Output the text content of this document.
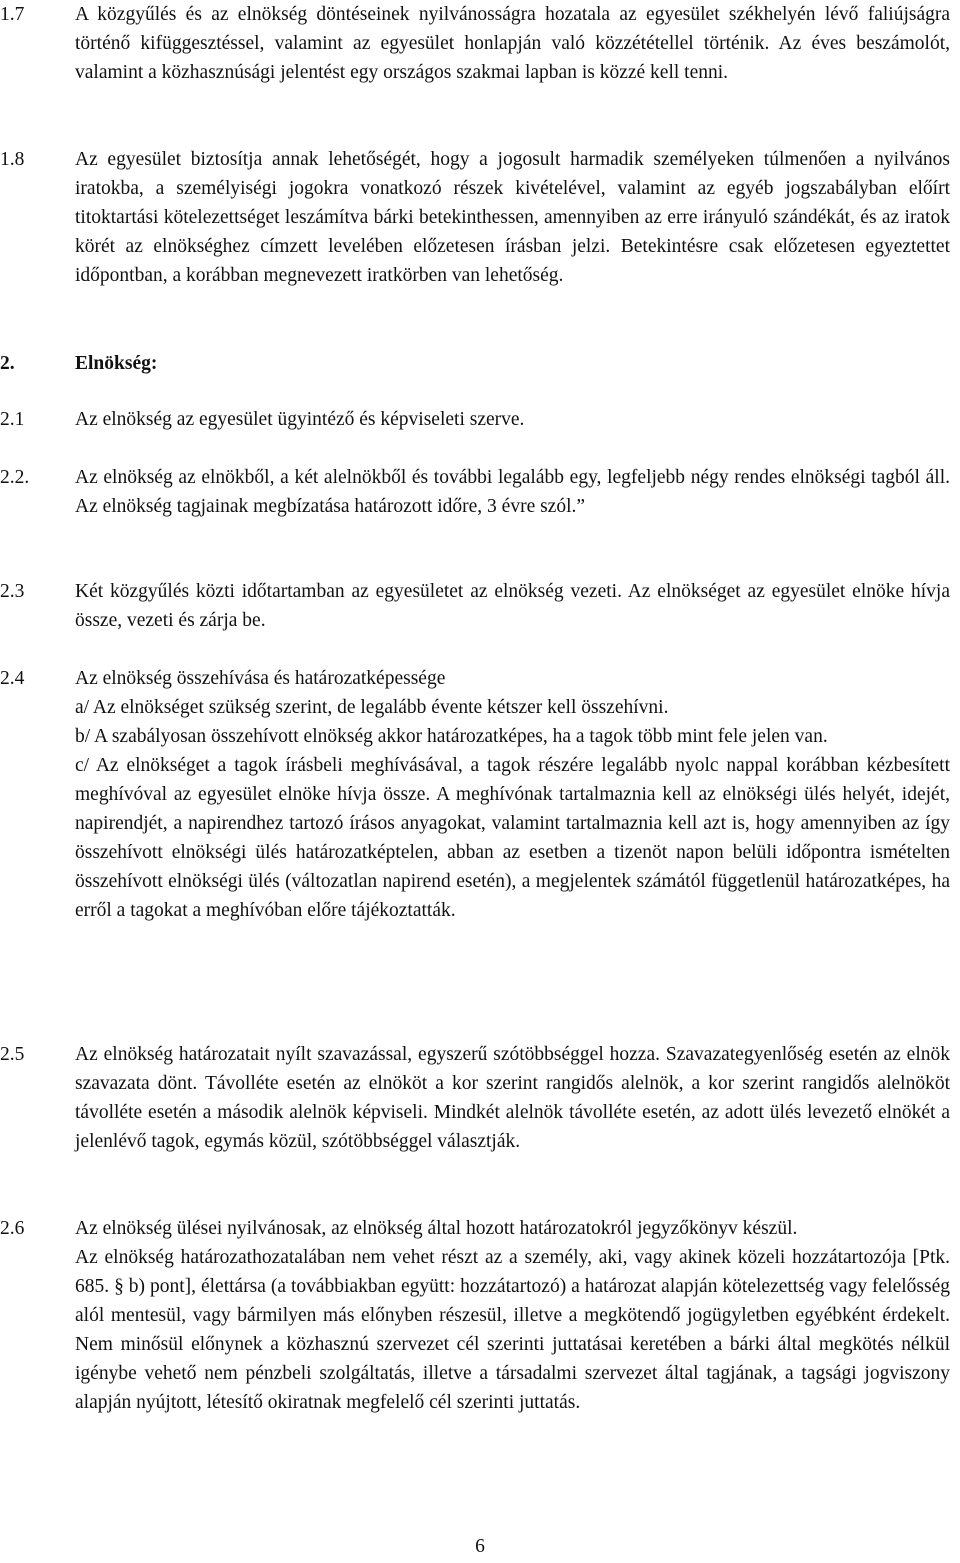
1.7	A közgyűlés és az elnökség döntéseinek nyilvánosságra hozatala az egyesület székhelyén lévő faliújságra történő kifüggesztéssel, valamint az egyesület honlapján való közzététellel történik. Az éves beszámolót, valamint a közhasznúsági jelentést egy országos szakmai lapban is közzé kell tenni.

1.8	Az egyesület biztosítja annak lehetőségét, hogy a jogosult harmadik személyeken túlmenően a nyilvános iratokba, a személyiségi jogokra vonatkozó részek kivételével, valamint az egyéb jogszabályban előírt titoktartási kötelezettséget leszámítva bárki betekinthessen, amennyiben az erre irányuló szándékát, és az iratok körét az elnökséghez címzett levelében előzetesen írásban jelzi. Betekintésre csak előzetesen egyeztettet időpontban, a korábban megnevezett iratkörben van lehetőség.

2.	Elnökség:

2.1	Az elnökség az egyesület ügyintéző és képviseleti szerve.

2.2. Az elnökség az elnökből, a két alelnökből és további legalább egy, legfeljebb négy rendes elnökségi tagból áll. Az elnökség tagjainak megbízatása határozott időre, 3 évre szól.”

2.3	Két közgyűlés közti időtartamban az egyesületet az elnökség vezeti. Az elnökséget az egyesület elnöke hívja össze, vezeti és zárja be.

2.4	Az elnökség összehívása és határozatképessége

a/ Az elnökséget szükség szerint, de legalább évente kétszer kell összehívni.

b/ A szabályosan összehívott elnökség akkor határozatképes, ha a tagok több mint fele jelen van.

c/ Az elnökséget a tagok írásbeli meghívásával, a tagok részére legalább nyolc nappal korábban kézbesített meghívóval az egyesület elnöke hívja össze. A meghívónak tartalmaznia kell az elnökségi ülés helyét, idejét, napirendjét, a napirendhez tartozó írásos anyagokat, valamint tartalmaznia kell azt is, hogy amennyiben az így összehívott elnökségi ülés határozatképtelen, abban az esetben a tizenöt napon belüli időpontra ismételten összehívott elnökségi ülés (változatlan napirend esetén), a megjelentek számától függetlenül határozatképes, ha erről a tagokat a meghívóban előre tájékoztatták.

2.5	Az elnökség határozatait nyílt szavazással, egyszerű szótöbbséggel hozza. Szavazategyenlőség esetén az elnök szavazata dönt. Távolléte esetén az elnököt a kor szerint rangidős alelnök, a kor szerint rangidős alelnököt távolléte esetén a második alelnök képviseli. Mindkét alelnök távolléte esetén, az adott ülés levezető elnökét a jelenlévő tagok, egymás közül, szótöbbséggel választják.

2.6	Az elnökség ülései nyilvánosak, az elnökség által hozott határozatokról jegyzőkönyv készül.

Az elnökség határozathozatalában nem vehet részt az a személy, aki, vagy akinek közeli hozzátartozója [Ptk. 685. § b) pont], élettársa (a továbbiakban együtt: hozzátartozó) a határozat alapján kötelezettség vagy felelősség alól mentesül, vagy bármilyen más előnyben részesül, illetve a megkötendő jogügyletben egyébként érdekelt. Nem minősül előnynek a közhasznú szervezet cél szerinti juttatásai keretében a bárki által megkötés nélkül igénybe vehető nem pénzbeli szolgáltatás, illetve a társadalmi szervezet által tagjának, a tagsági jogviszony alapján nyújtott, létesítő okiratnak megfelelő cél szerinti juttatás.

6
